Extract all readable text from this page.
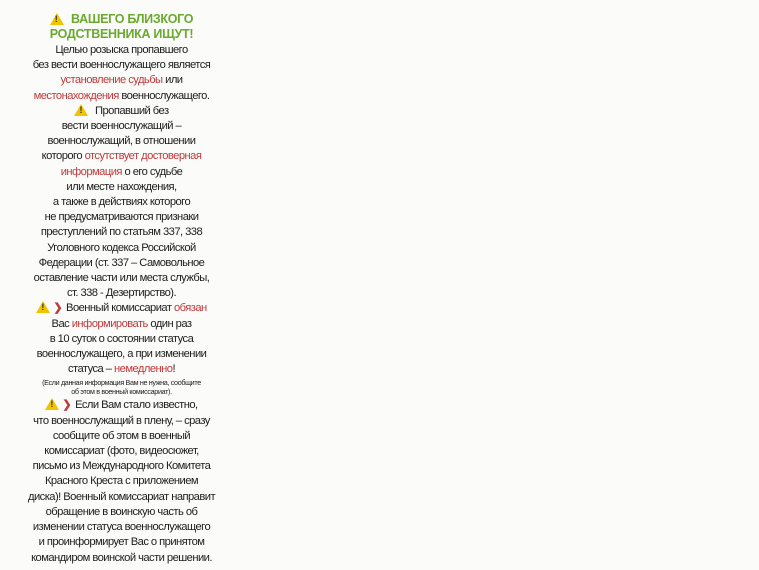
! ВАШЕГО БЛИЗКОГО
РОДСТВЕННИКА ИЩУТ!
Целью розыска пропавшего
без вести военнослужащего является
установление судьбы или
местонахождения военнослужащего.
! Пропавший без
вести военнослужащий –
военнослужащий, в отношении
которого отсутствует достоверная
информация о его судьбе
или месте нахождения,
а также в действиях которого
не предусматриваются признаки
преступлений по статьям 337, 338
Уголовного кодекса Российской
Федерации (ст. 337 – Самовольное
оставление части или места службы,
ст. 338 - Дезертирство).
!❯ Военный комиссариат обязан
Вас информировать один раз
в 10 суток о состоянии статуса
военнослужащего, а при изменении
статуса – немедленно!
(Если данная информация Вам не нужна, сообщите
об этом в военный комиссариат).
!❯ Если Вам стало известно,
что военнослужащий в плену, – сразу
сообщите об этом в военный
комиссариат (фото, видеосюжет,
письмо из Международного Комитета
Красного Креста с приложением
диска)! Военный комиссариат направит
обращение в воинскую часть об
изменении статуса военнослужащего
и проинформирует Вас о принятом
командиром воинской части решении.
